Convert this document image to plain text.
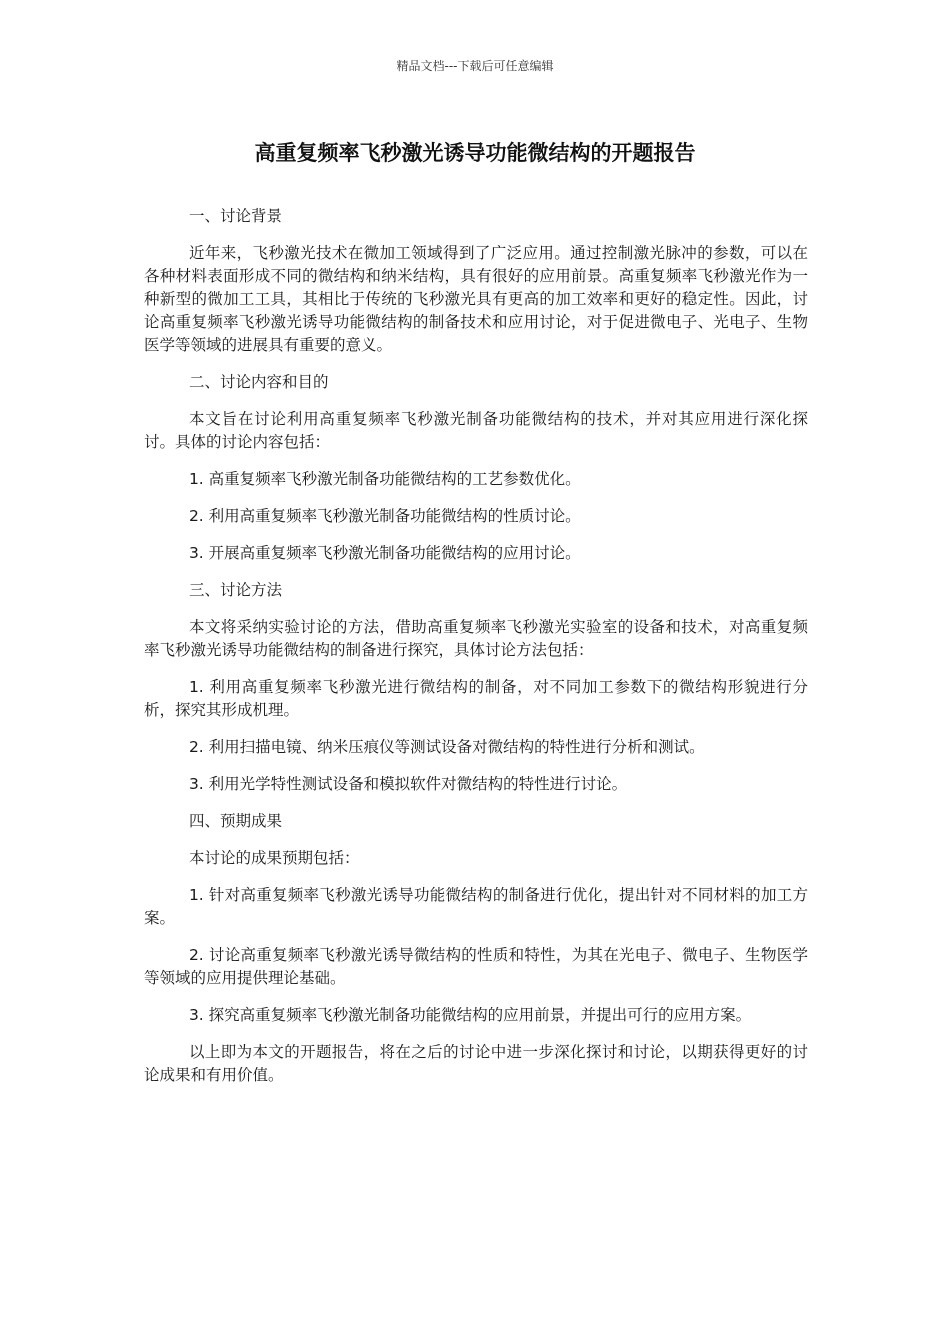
精品文档---下载后可任意编辑
高重复频率飞秒激光诱导功能微结构的开题报告

一、讨论背景

近年来，飞秒激光技术在微加工领域得到了广泛应用。通过控制激光脉冲的参数，可以在各种材料表面形成不同的微结构和纳米结构，具有很好的应用前景。高重复频率飞秒激光作为一种新型的微加工工具，其相比于传统的飞秒激光具有更高的加工效率和更好的稳定性。因此，讨论高重复频率飞秒激光诱导功能微结构的制备技术和应用讨论，对于促进微电子、光电子、生物医学等领域的进展具有重要的意义。

二、讨论内容和目的

本文旨在讨论利用高重复频率飞秒激光制备功能微结构的技术，并对其应用进行深化探讨。具体的讨论内容包括：

1. 高重复频率飞秒激光制备功能微结构的工艺参数优化。

2. 利用高重复频率飞秒激光制备功能微结构的性质讨论。

3. 开展高重复频率飞秒激光制备功能微结构的应用讨论。

三、讨论方法

本文将采纳实验讨论的方法，借助高重复频率飞秒激光实验室的设备和技术，对高重复频率飞秒激光诱导功能微结构的制备进行探究，具体讨论方法包括：

1. 利用高重复频率飞秒激光进行微结构的制备，对不同加工参数下的微结构形貌进行分析，探究其形成机理。

2. 利用扫描电镜、纳米压痕仪等测试设备对微结构的特性进行分析和测试。

3. 利用光学特性测试设备和模拟软件对微结构的特性进行讨论。

四、预期成果

本讨论的成果预期包括：

1. 针对高重复频率飞秒激光诱导功能微结构的制备进行优化，提出针对不同材料的加工方案。

2. 讨论高重复频率飞秒激光诱导微结构的性质和特性，为其在光电子、微电子、生物医学等领域的应用提供理论基础。

3. 探究高重复频率飞秒激光制备功能微结构的应用前景，并提出可行的应用方案。

以上即为本文的开题报告，将在之后的讨论中进一步深化探讨和讨论，以期获得更好的讨论成果和有用价值。
